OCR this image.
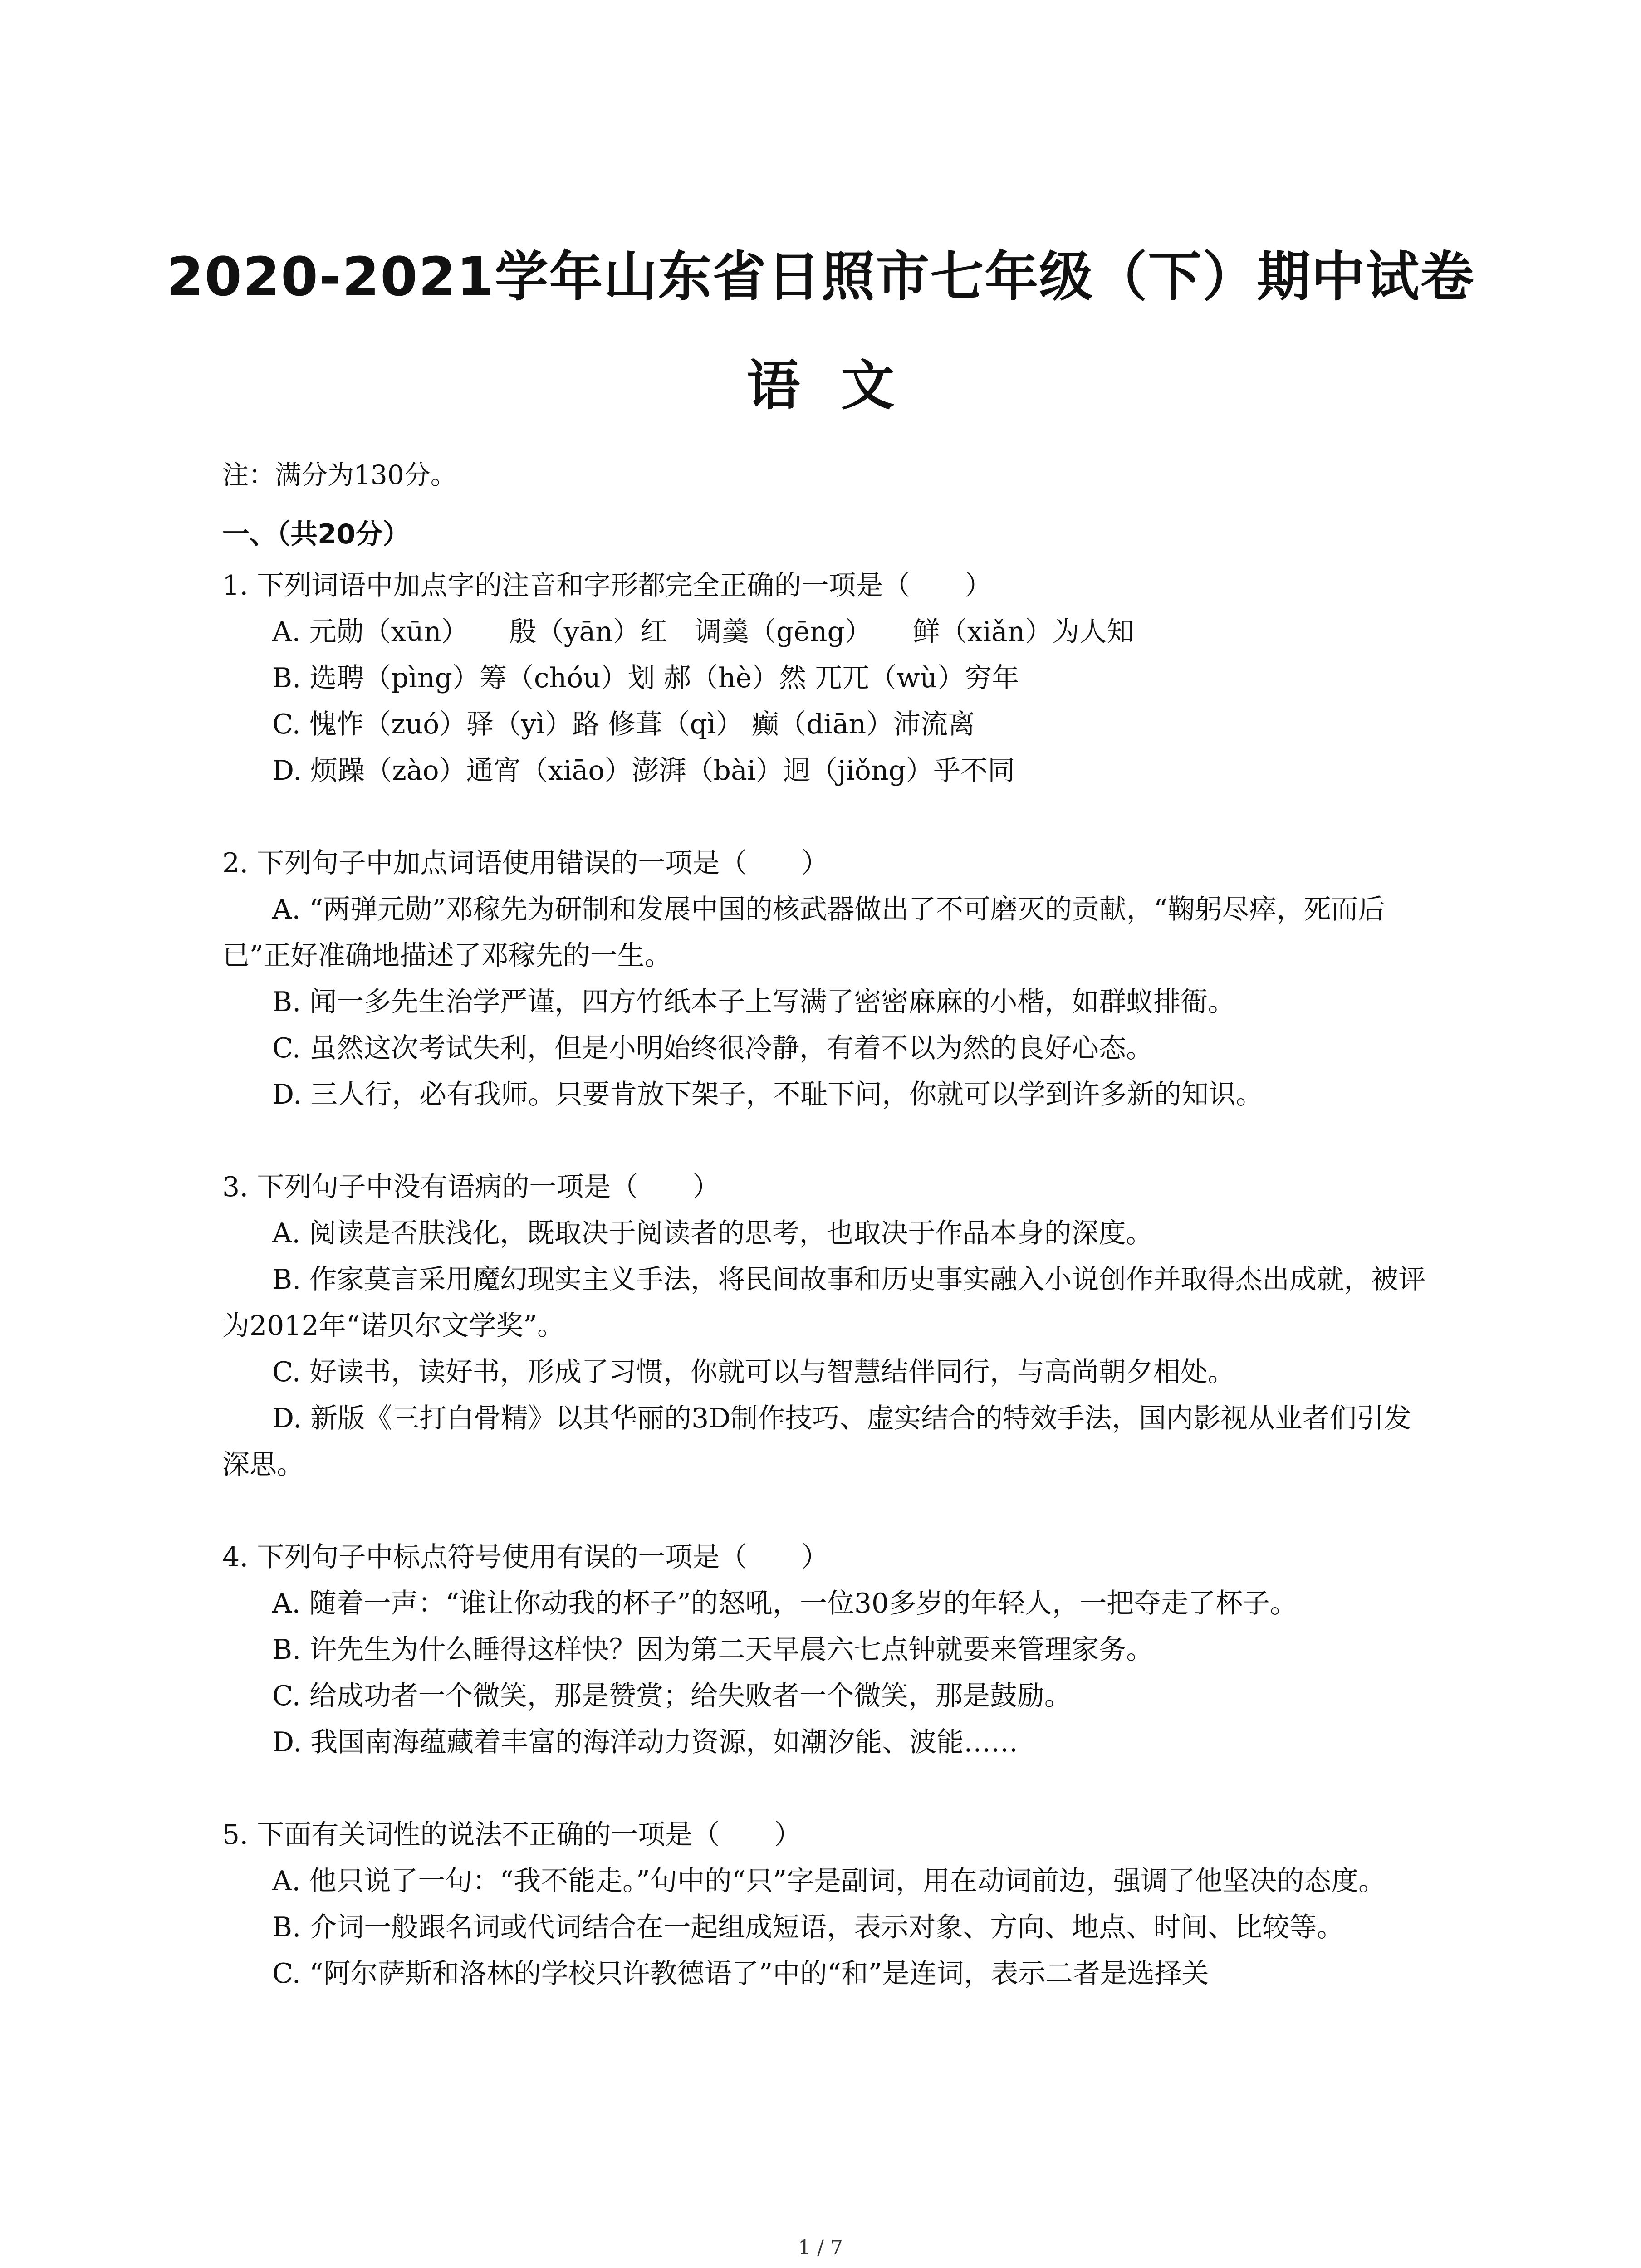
2020-2021学年山东省日照市七年级（下）期中试卷
语文

注：满分为130分。

一、（共20分）

1. 下列词语中加点字的注音和字形都完全正确的一项是（　　）

A. 元勋（xūn）　　殷（yān）红　调羹（gēng）　　鲜（xiǎn）为人知

B. 选聘（pìng）筹（chóu）划 郝（hè）然 兀兀（wù）穷年

C. 愧怍（zuó）驿（yì）路 修葺（qì） 癫（diān）沛流离

D. 烦躁（zào）通宵（xiāo）澎湃（bài）迥（jiǒng）乎不同

2. 下列句子中加点词语使用错误的一项是（　　）

A. “两弹元勋”邓稼先为研制和发展中国的核武器做出了不可磨灭的贡献，“鞠躬尽瘁，死而后已”正好准确地描述了邓稼先的一生。

B. 闻一多先生治学严谨，四方竹纸本子上写满了密密麻麻的小楷，如群蚁排衙。

C. 虽然这次考试失利，但是小明始终很冷静，有着不以为然的良好心态。

D. 三人行，必有我师。只要肯放下架子，不耻下问，你就可以学到许多新的知识。

3. 下列句子中没有语病的一项是（　　）

A. 阅读是否肤浅化，既取决于阅读者的思考，也取决于作品本身的深度。

B. 作家莫言采用魔幻现实主义手法，将民间故事和历史事实融入小说创作并取得杰出成就，被评为2012年“诺贝尔文学奖”。

C. 好读书，读好书，形成了习惯，你就可以与智慧结伴同行，与高尚朝夕相处。

D. 新版《三打白骨精》以其华丽的3D制作技巧、虚实结合的特效手法，国内影视从业者们引发深思。

4. 下列句子中标点符号使用有误的一项是（　　）

A. 随着一声：“谁让你动我的杯子”的怒吼，一位30多岁的年轻人，一把夺走了杯子。

B. 许先生为什么睡得这样快？因为第二天早晨六七点钟就要来管理家务。

C. 给成功者一个微笑，那是赞赏；给失败者一个微笑，那是鼓励。

D. 我国南海蕴藏着丰富的海洋动力资源，如潮汐能、波能……

5. 下面有关词性的说法不正确的一项是（　　）

A. 他只说了一句：“我不能走。”句中的“只”字是副词，用在动词前边，强调了他坚决的态度。

B. 介词一般跟名词或代词结合在一起组成短语，表示对象、方向、地点、时间、比较等。

C. “阿尔萨斯和洛林的学校只许教德语了”中的“和”是连词，表示二者是选择关

1 / 7
